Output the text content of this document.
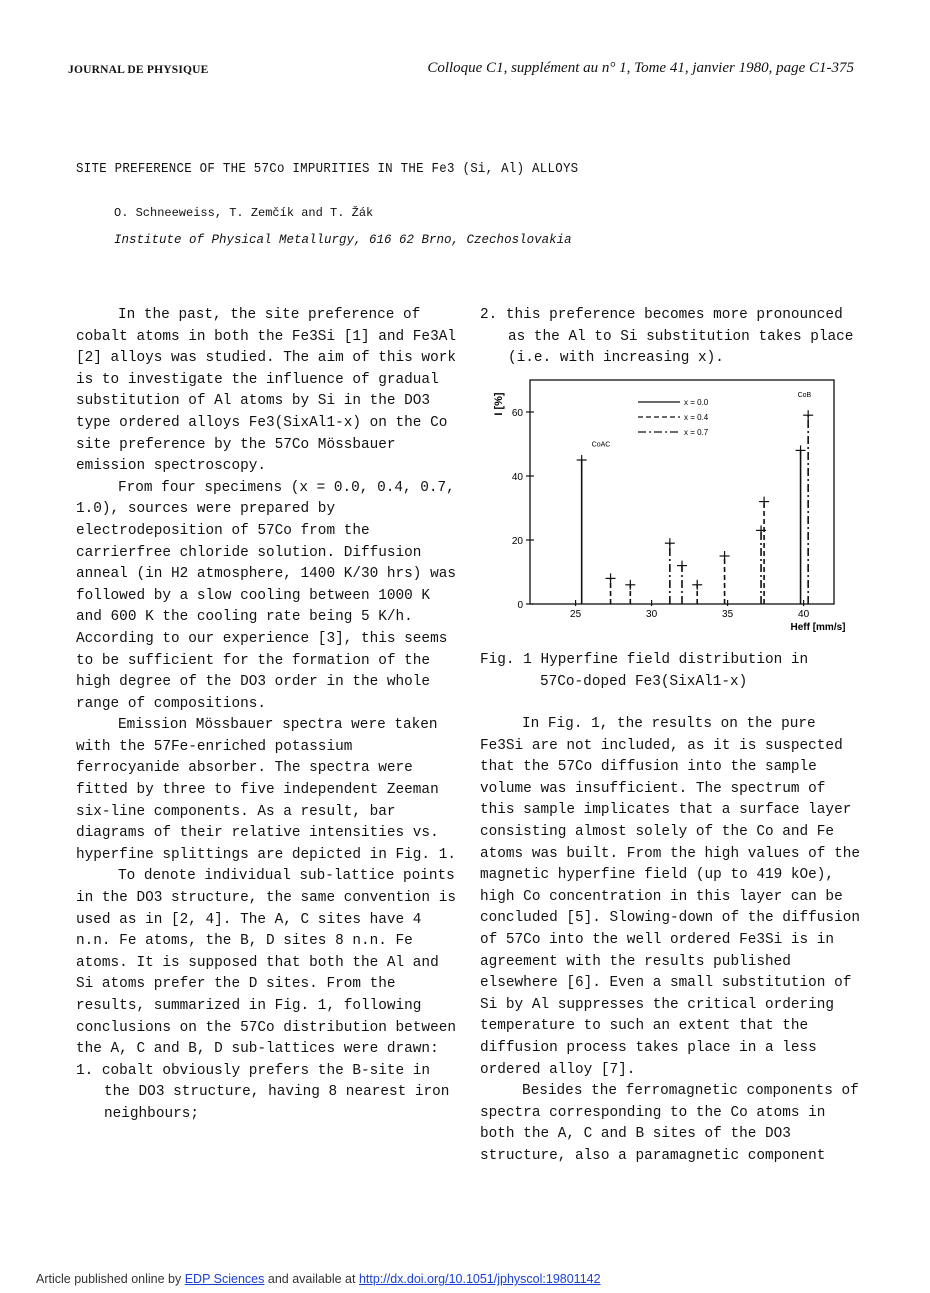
JOURNAL DE PHYSIQUE	Colloque C1, supplément au n° 1, Tome 41, janvier 1980, page C1-375
SITE PREFERENCE OF THE 57Co IMPURITIES IN THE Fe3 (Si, Al) ALLOYS
O. Schneeweiss, T. Zemčík and T. Žák
Institute of Physical Metallurgy, 616 62 Brno, Czechoslovakia

In the past, the site preference of cobalt atoms in both the Fe3Si [1] and Fe3Al [2] alloys was studied. The aim of this work is to investigate the influence of gradual substitution of Al atoms by Si in the DO3 type ordered alloys Fe3(SixAl1-x) on the Co site preference by the 57Co Mössbauer emission spectroscopy.

From four specimens (x = 0.0, 0.4, 0.7, 1.0), sources were prepared by electrodeposition of 57Co from the carrierfree chloride solution. Diffusion anneal (in H2 atmosphere, 1400 K/30 hrs) was followed by a slow cooling between 1000 K and 600 K the cooling rate being 5 K/h. According to our experience [3], this seems to be sufficient for the formation of the high degree of the DO3 order in the whole range of compositions.

Emission Mössbauer spectra were taken with the 57Fe-enriched potassium ferrocyanide absorber. The spectra were fitted by three to five independent Zeeman six-line components. As a result, bar diagrams of their relative intensities vs. hyperfine splittings are depicted in Fig. 1.

To denote individual sub-lattice points in the DO3 structure, the same convention is used as in [2, 4]. The A, C sites have 4 n.n. Fe atoms, the B, D sites 8 n.n. Fe atoms. It is supposed that both the Al and Si atoms prefer the D sites. From the results, summarized in Fig. 1, following conclusions on the 57Co distribution between the A, C and B, D sub-lattices were drawn:

1. cobalt obviously prefers the B-site in the DO3 structure, having 8 nearest iron neighbours;

2. this preference becomes more pronounced as the Al to Si substitution takes place (i.e. with increasing x).

0
20
40
60
25	30	35	40
Heff [mm/s]
I [%]	x = 0.0
x = 0.4
x = 0.7
CoAC
CoB
Fig. 1 Hyperfine field distribution in
57Co-doped Fe3(SixAl1-x)

In Fig. 1, the results on the pure Fe3Si are not included, as it is suspected that the 57Co diffusion into the sample volume was insufficient. The spectrum of this sample implicates that a surface layer consisting almost solely of the Co and Fe atoms was built. From the high values of the magnetic hyperfine field (up to 419 kOe), high Co concentration in this layer can be concluded [5]. Slowing-down of the diffusion of 57Co into the well ordered Fe3Si is in agreement with the results published elsewhere [6]. Even a small substitution of Si by Al suppresses the critical ordering temperature to such an extent that the diffusion process takes place in a less ordered alloy [7].

Besides the ferromagnetic components of spectra corresponding to the Co atoms in both the A, C and B sites of the DO3 structure, also a paramagnetic component

Article published online by EDP Sciences and available at http://dx.doi.org/10.1051/jphyscol:19801142
